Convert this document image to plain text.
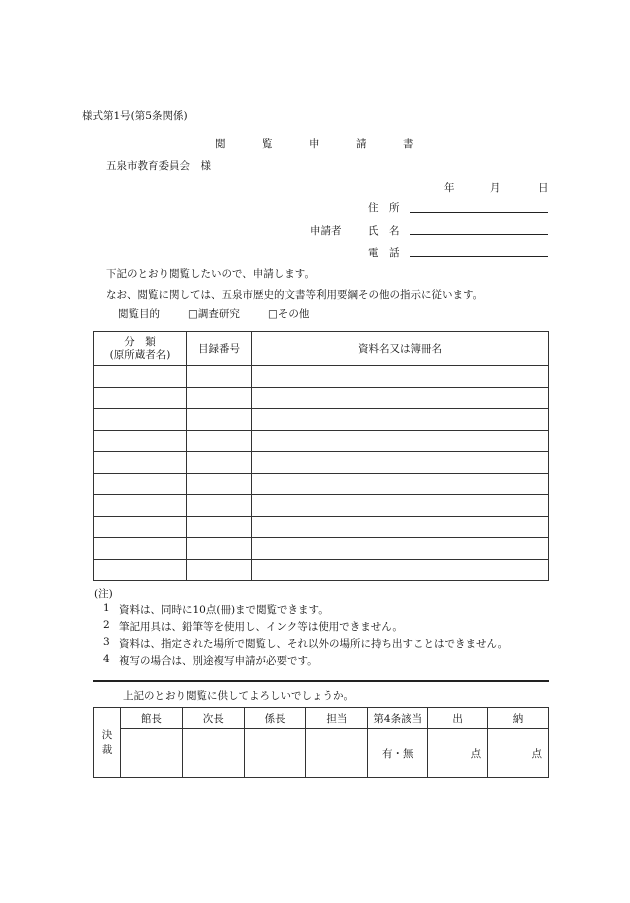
様式第1号(第5条関係)
閲	覧	申	請	書
五泉市教育委員会　様
年	月	日
住　所
申請者	氏　名
電　話
下記のとおり閲覧したいので、申請します。
なお、閲覧に関しては、五泉市歴史的文書等利用要綱その他の指示に従います。
閲覧目的	□調査研究	□その他
分　類
(原所蔵者名)	目録番号	資料名又は簿冊名

(注)
1 資料は、同時に10点(冊)まで閲覧できます。
2 筆記用具は、鉛筆等を使用し、インク等は使用できません。
3 資料は、指定された場所で閲覧し、それ以外の場所に持ち出すことはできません。
4 複写の場合は、別途複写申請が必要です。
上記のとおり閲覧に供してよろしいでしょうか。
決
裁	館長	次長	係長	担当	第4条該当	出	納
					有・無	点	点
